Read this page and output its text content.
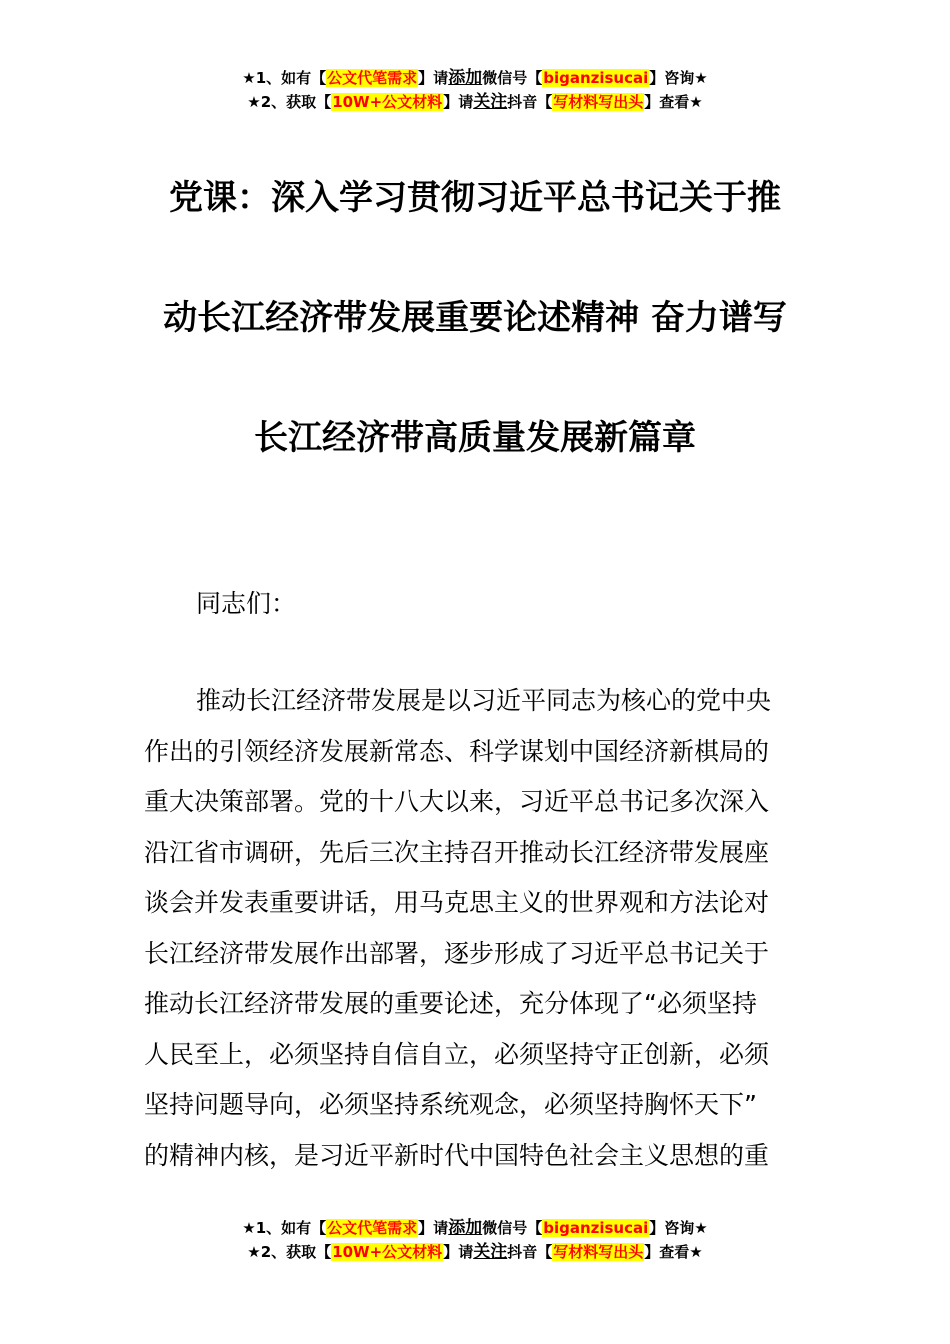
★1、如有【公文代笔需求】请添加微信号【biganzisucai】咨询★
★2、获取【10W+公文材料】请关注抖音【写材料写出头】查看★
党课：深入学习贯彻习近平总书记关于推
动长江经济带发展重要论述精神 奋力谱写
长江经济带高质量发展新篇章

同志们：

推动长江经济带发展是以习近平同志为核心的党中央
作出的引领经济发展新常态、科学谋划中国经济新棋局的
重大决策部署。党的十八大以来，习近平总书记多次深入
沿江省市调研，先后三次主持召开推动长江经济带发展座
谈会并发表重要讲话，用马克思主义的世界观和方法论对
长江经济带发展作出部署，逐步形成了习近平总书记关于
推动长江经济带发展的重要论述，充分体现了“必须坚持
人民至上，必须坚持自信自立，必须坚持守正创新，必须
坚持问题导向，必须坚持系统观念，必须坚持胸怀天下”
的精神内核，是习近平新时代中国特色社会主义思想的重

★1、如有【公文代笔需求】请添加微信号【biganzisucai】咨询★
★2、获取【10W+公文材料】请关注抖音【写材料写出头】查看★
